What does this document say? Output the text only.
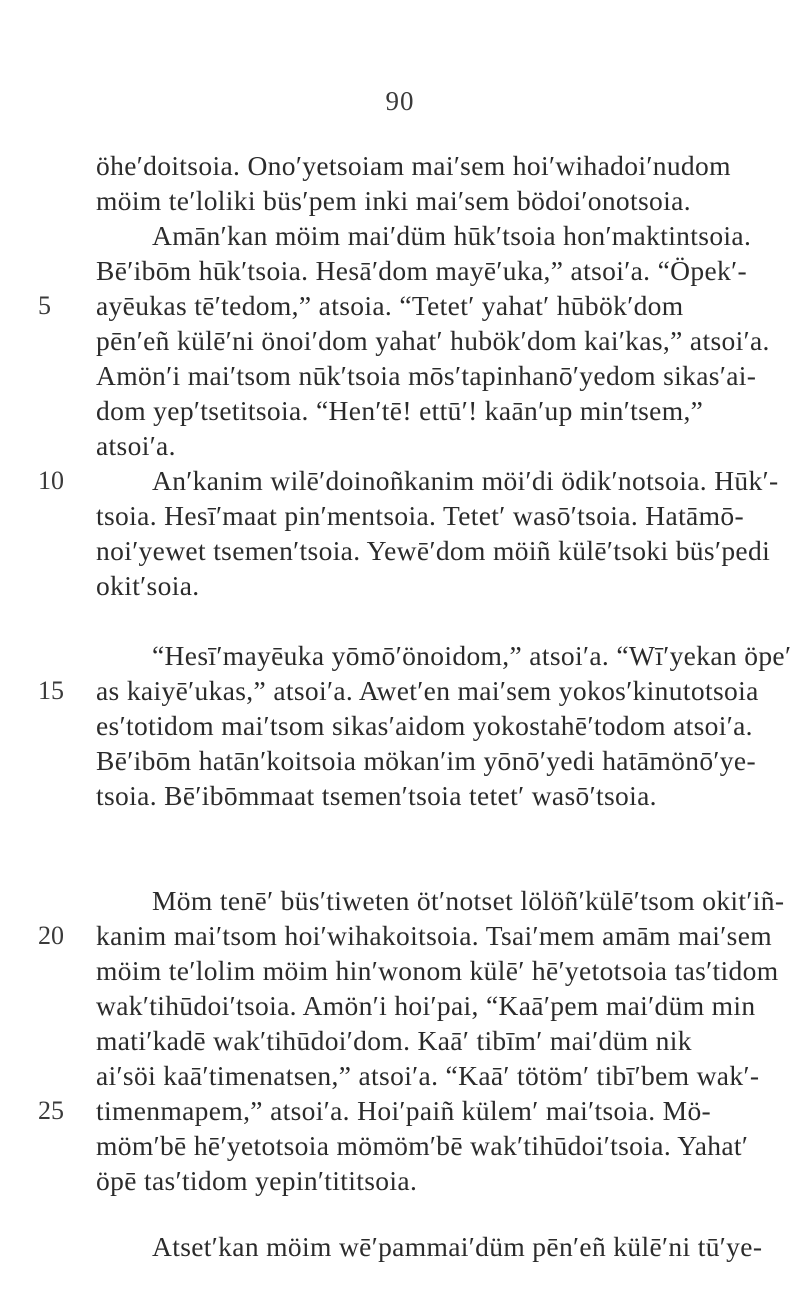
90
öhe′doitsoia. Ono′yetsoiam mai′sem hoi′wihadoi′nudom
möim te′loliki büs′pem inki mai′sem bödoi′onotsoia.
Amān′kan möim mai′düm hūk′tsoia hon′maktintsoia.
Bē′ibōm hūk′tsoia. Hesā′dom mayē′uka,” atsoi′a. “Öpek′-
5	ayēukas tē′tedom,” atsoia. “Tetet′ yahat′ hūbök′dom
pēn′eñ külē′ni önoi′dom yahat′ hubök′dom kai′kas,” atsoi′a.
Amön′i mai′tsom nūk′tsoia mōs′tapinhanō′yedom sikas′ai-
dom yep′tsetitsoia. “Hen′tē! ettū′! kaān′up min′tsem,”
atsoi′a.
10	An′kanim wilē′doinoñkanim möi′di ödik′notsoia. Hūk′-
tsoia. Hesī′maat pin′mentsoia. Tetet′ wasō′tsoia. Hatāmō-
noi′yewet tsemen′tsoia. Yewē′dom möiñ külē′tsoki büs′pedi
okit′soia.
“Hesī′mayēuka yōmō′önoidom,” atsoi′a. “Wī′yekan öpe′
15	as kaiyē′ukas,” atsoi′a. Awet′en mai′sem yokos′kinutotsoia
es′totidom mai′tsom sikas′aidom yokostahē′todom atsoi′a.
Bē′ibōm hatān′koitsoia mökan′im yōnō′yedi hatāmönō′ye-
tsoia. Bē′ibōmmaat tsemen′tsoia tetet′ wasō′tsoia.
Möm tenē′ büs′tiweten öt′notset lölöñ′külē′tsom okit′iñ-
20	kanim mai′tsom hoi′wihakoitsoia. Tsai′mem amām mai′sem
möim te′lolim möim hin′wonom külē′ hē′yetotsoia tas′tidom
wak′tihūdoi′tsoia. Amön′i hoi′pai, “Kaā′pem mai′düm min
mati′kadē wak′tihūdoi′dom. Kaā′ tibīm′ mai′düm nik
ai′söi kaā′timenatsen,” atsoi′a. “Kaā′ tötöm′ tibī′bem wak′-
25	timenmapem,” atsoi′a. Hoi′paiñ külem′ mai′tsoia. Mö-
möm′bē hē′yetotsoia mömöm′bē wak′tihūdoi′tsoia. Yahat′
öpē tas′tidom yepin′tititsoia.
Atset′kan möim wē′pammai′düm pēn′eñ külē′ni tū′ye-
